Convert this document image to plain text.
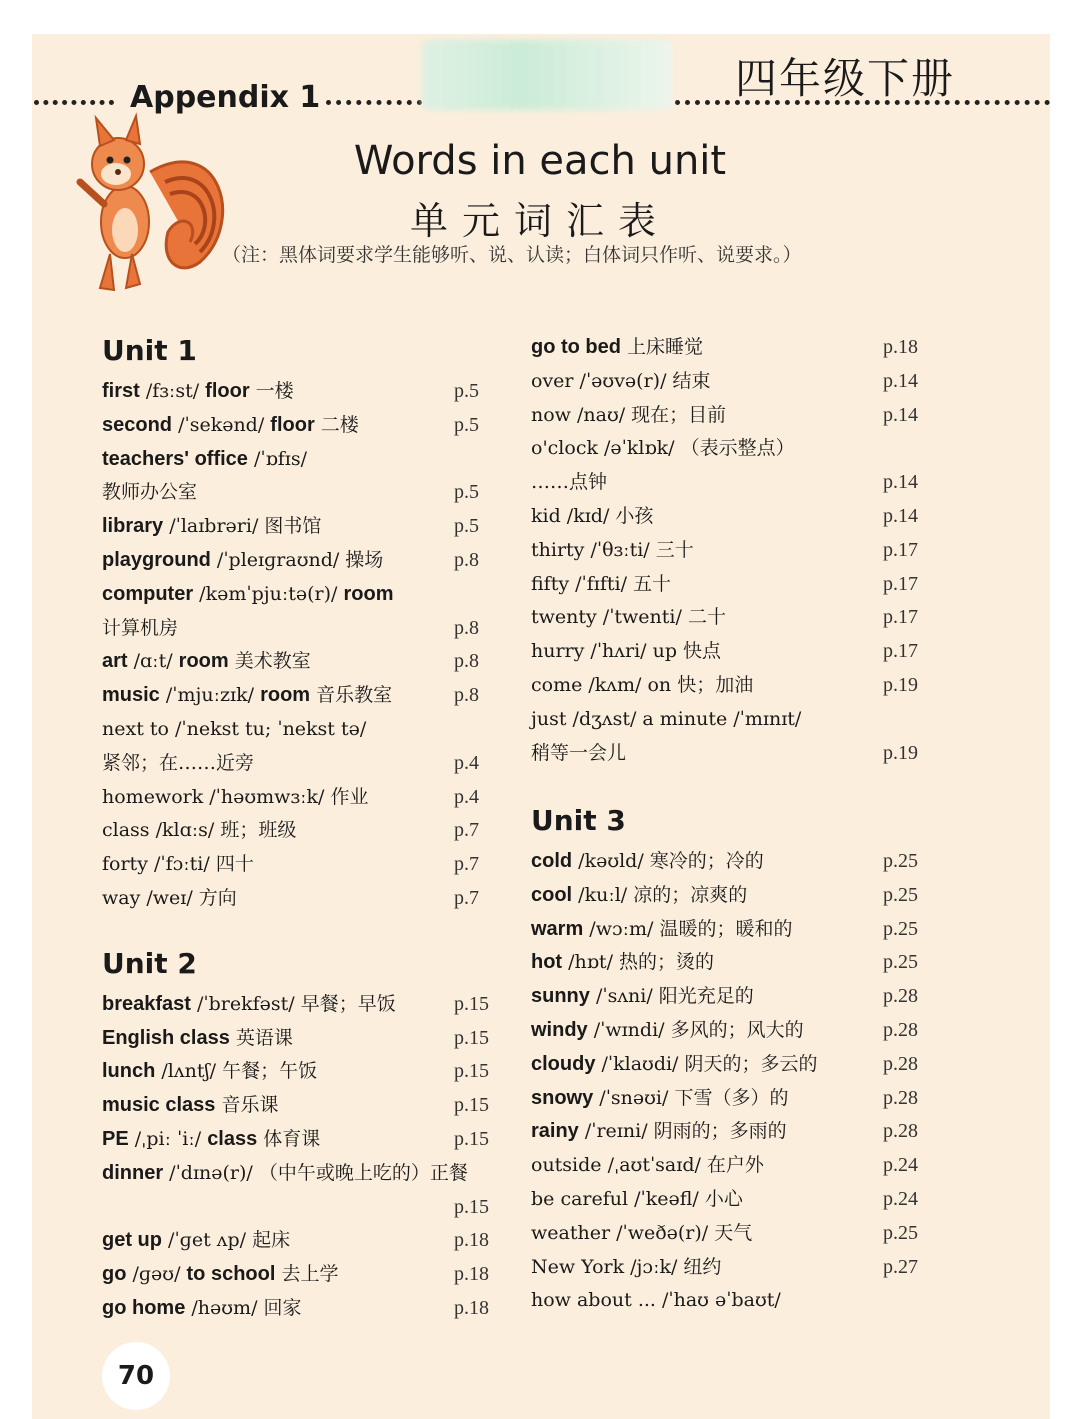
Appendix 1	四年级下册
Words in each unit
单元词汇表
（注：黑体词要求学生能够听、说、认读；白体词只作听、说要求。）
Unit 1
first /fɜːst/ floor 一楼	p.5
second /ˈsekənd/ floor 二楼	p.5
teachers' office /ˈɒfɪs/
教师办公室	p.5
library /ˈlaɪbrəri/ 图书馆	p.5
playground /ˈpleɪɡraʊnd/ 操场	p.8
computer /kəmˈpjuːtə(r)/ room
计算机房	p.8
art /ɑːt/ room 美术教室	p.8
music /ˈmjuːzɪk/ room 音乐教室	p.8
next to /ˈnekst tu; ˈnekst tə/
紧邻；在……近旁	p.4
homework /ˈhəʊmwɜːk/ 作业	p.4
class /klɑːs/ 班；班级	p.7
forty /ˈfɔːti/ 四十	p.7
way /weɪ/ 方向	p.7
Unit 2
breakfast /ˈbrekfəst/ 早餐；早饭	p.15
English class 英语课	p.15
lunch /lʌntʃ/ 午餐；午饭	p.15
music class 音乐课	p.15
PE /ˌpiː ˈiː/ class 体育课	p.15
dinner /ˈdɪnə(r)/ （中午或晚上吃的）正餐
p.15
get up /ˈɡet ʌp/ 起床	p.18
go /ɡəʊ/ to school 去上学	p.18
go home /həʊm/ 回家	p.18
go to bed 上床睡觉	p.18
over /ˈəʊvə(r)/ 结束	p.14
now /naʊ/ 现在；目前	p.14
o'clock /əˈklɒk/ （表示整点）
……点钟	p.14
kid /kɪd/ 小孩	p.14
thirty /ˈθɜːti/ 三十	p.17
fifty /ˈfɪfti/ 五十	p.17
twenty /ˈtwenti/ 二十	p.17
hurry /ˈhʌri/ up 快点	p.17
come /kʌm/ on 快；加油	p.19
just /dʒʌst/ a minute /ˈmɪnɪt/
稍等一会儿	p.19
Unit 3
cold /kəʊld/ 寒冷的；冷的	p.25
cool /kuːl/ 凉的；凉爽的	p.25
warm /wɔːm/ 温暖的；暖和的	p.25
hot /hɒt/ 热的；烫的	p.25
sunny /ˈsʌni/ 阳光充足的	p.28
windy /ˈwɪndi/ 多风的；风大的	p.28
cloudy /ˈklaʊdi/ 阴天的；多云的	p.28
snowy /ˈsnəʊi/ 下雪（多）的	p.28
rainy /ˈreɪni/ 阴雨的；多雨的	p.28
outside /ˌaʊtˈsaɪd/ 在户外	p.24
be careful /ˈkeəfl/ 小心	p.24
weather /ˈweðə(r)/ 天气	p.25
New York /jɔːk/ 纽约	p.27
how about ... /ˈhaʊ əˈbaʊt/
70
